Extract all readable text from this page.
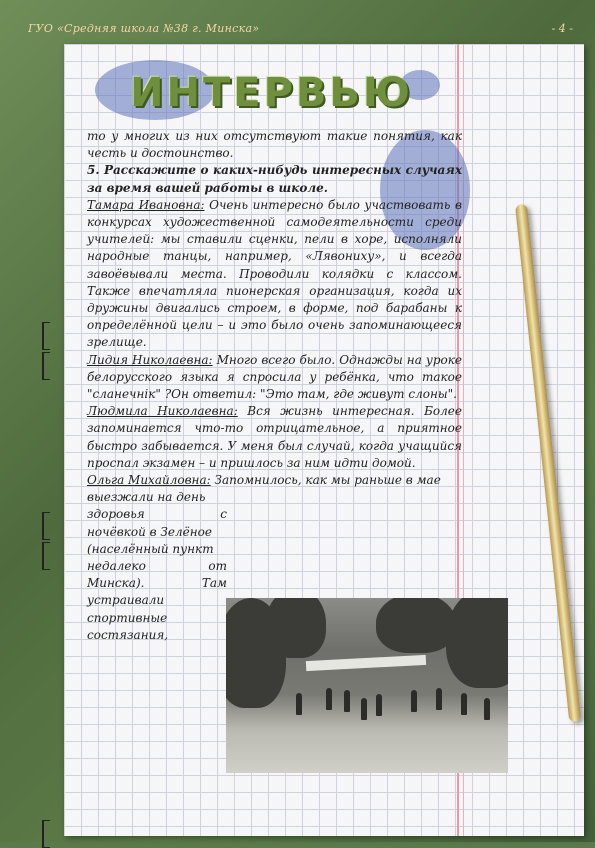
ГУО «Средняя школа №38 г. Минска»	- 4 -
ИНТЕРВЬЮ

то у многих из них отсутствуют такие понятия, как честь и достоинство.

5. Расскажите о каких-нибудь интересных случаях за время вашей работы в школе.

Тамара Ивановна: Очень интересно было участвовать в конкурсах художественной самодеятельности среди учителей: мы ставили сценки, пели в хоре, исполняли народные танцы, например, «Лявониху», и всегда завоёвывали места. Проводили колядки с классом. Также впечатляла пионерская организация, когда их дружины двигались строем, в форме, под барабаны к определённой цели – и это было очень запоминающееся зрелище.

Лидия Николаевна: Много всего было. Однажды на уроке белорусского языка я спросила у ребёнка, что такое "сланечнік" ?Он ответил: "Это там, где живут слоны".

Людмила Николаевна: Вся жизнь интересная. Более запоминается что-то отрицательное, а приятное быстро забывается. У меня был случай, когда учащийся проспал экзамен – и пришлось за ним идти домой.

Ольга Михайловна: Запомнилось, как мы раньше в мае

выезжали на день

здоровья с

ночёвкой в Зелёное

(населённый пункт

недалеко от

Минска). Там

устраивали

спортивные

состязания,
